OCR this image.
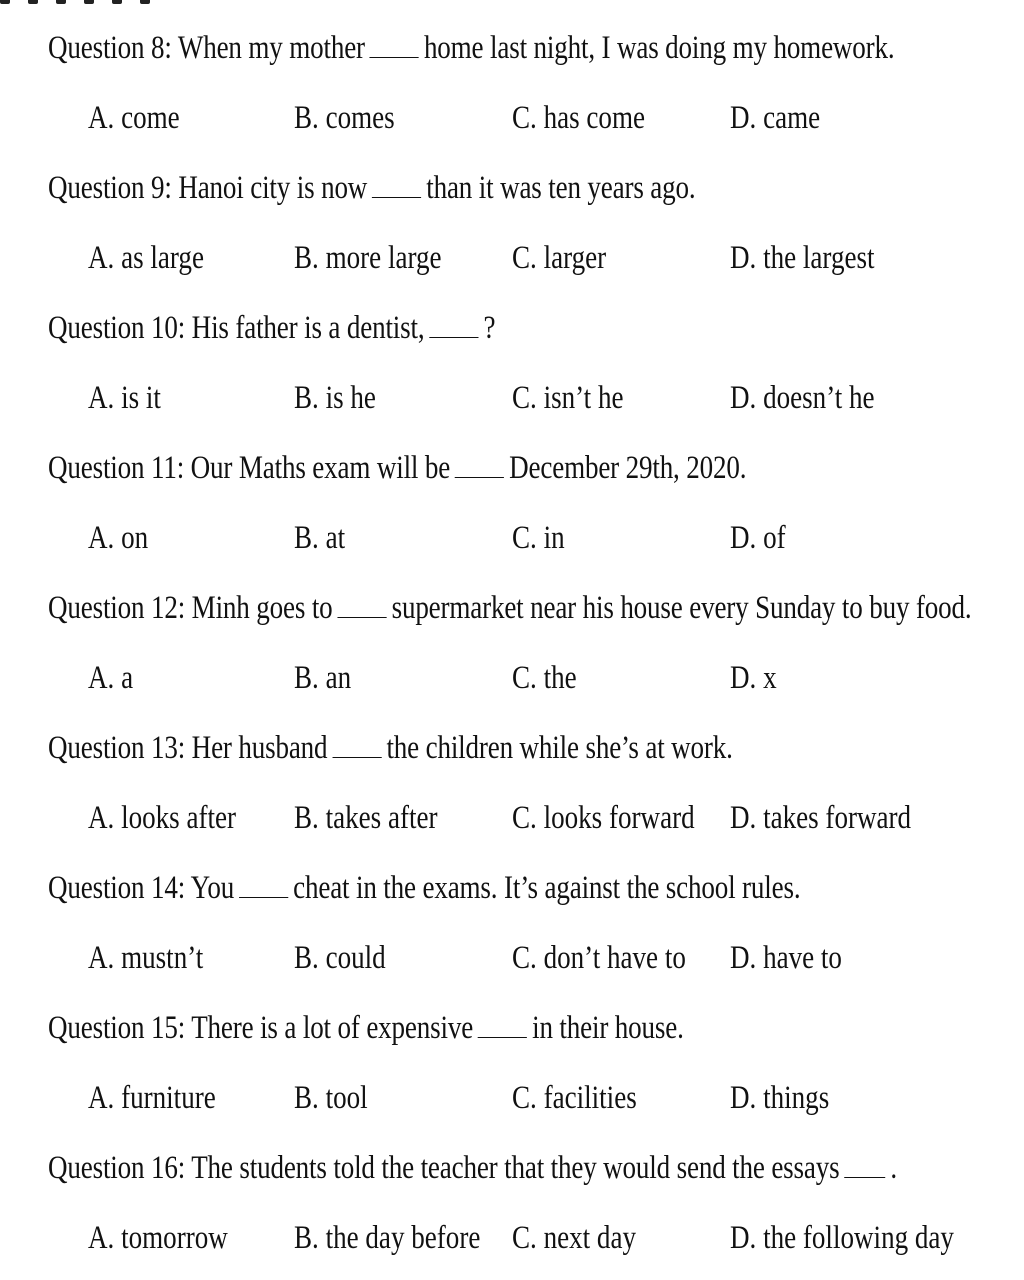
Question 8: When my mother home last night, I was doing my homework.
A. come	B. comes	C. has come	D. came
Question 9: Hanoi city is now than it was ten years ago.
A. as large	B. more large C. larger	D. the largest
Question 10: His father is a dentist, ?
A. is it	B. is he	C. isn’t he	D. doesn’t he
Question 11: Our Maths exam will be December 29th, 2020.
A. on	B. at	C. in	D. of
Question 12: Minh goes to supermarket near his house every Sunday to buy food.
A. a	B. an	C. the	D. x
Question 13: Her husband the children while she’s at work.
A. looks after B. takes after C. looks forward D. takes forward
Question 14: You cheat in the exams. It’s against the school rules.
A. mustn’t	B. could	C. don’t have to D. have to
Question 15: There is a lot of expensive in their house.
A. furniture B. tool	C. facilities	D. things
Question 16: The students told the teacher that they would send the essays .
A. tomorrow B. the day before C. next day	D. the following day
